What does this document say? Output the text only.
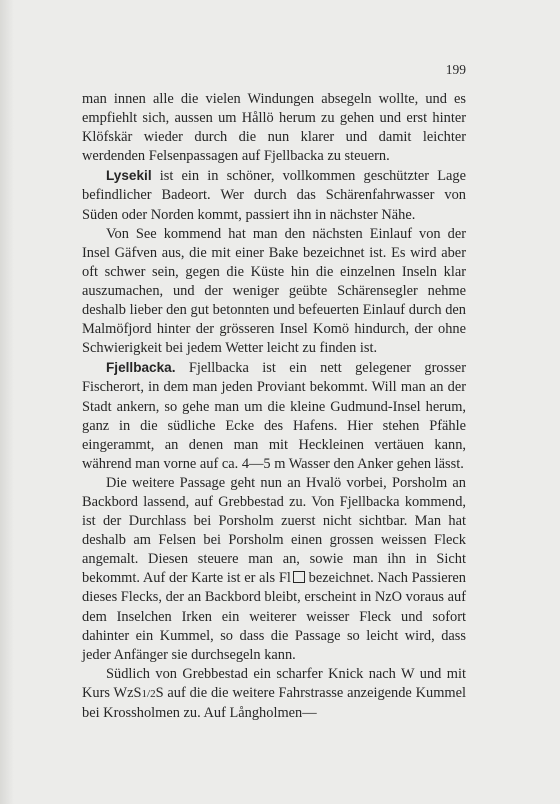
199

man innen alle die vielen Windungen absegeln wollte, und es empfiehlt sich, aussen um Hållö herum zu gehen und erst hinter Klöfskär wieder durch die nun klarer und damit leichter werdenden Felsenpassagen auf Fjellbacka zu steuern.

Lysekil ist ein in schöner, vollkommen geschützter Lage befindlicher Badeort. Wer durch das Schärenfahrwasser von Süden oder Norden kommt, passiert ihn in nächster Nähe.

Von See kommend hat man den nächsten Einlauf von der Insel Gäfven aus, die mit einer Bake bezeichnet ist. Es wird aber oft schwer sein, gegen die Küste hin die einzelnen Inseln klar auszumachen, und der weniger geübte Schärensegler nehme deshalb lieber den gut betonnten und befeuerten Einlauf durch den Malmöfjord hinter der grösseren Insel Komö hindurch, der ohne Schwierigkeit bei jedem Wetter leicht zu finden ist.

Fjellbacka. Fjellbacka ist ein nett gelegener grosser Fischerort, in dem man jeden Proviant bekommt. Will man an der Stadt ankern, so gehe man um die kleine Gudmund-Insel herum, ganz in die südliche Ecke des Hafens. Hier stehen Pfähle eingerammt, an denen man mit Heckleinen vertäuen kann, während man vorne auf ca. 4—5 m Wasser den Anker gehen lässt.

Die weitere Passage geht nun an Hvalö vorbei, Porsholm an Backbord lassend, auf Grebbestad zu. Von Fjellbacka kommend, ist der Durchlass bei Porsholm zuerst nicht sichtbar. Man hat deshalb am Felsen bei Porsholm einen grossen weissen Fleck angemalt. Diesen steuere man an, sowie man ihn in Sicht bekommt. Auf der Karte ist er als Fl bezeichnet. Nach Passieren dieses Flecks, der an Backbord bleibt, erscheint in NzO voraus auf dem Inselchen Irken ein weiterer weisser Fleck und sofort dahinter ein Kummel, so dass die Passage so leicht wird, dass jeder Anfänger sie durchsegeln kann.

Südlich von Grebbestad ein scharfer Knick nach W und mit Kurs WzS1/2S auf die die weitere Fahrstrasse anzeigende Kummel bei Krossholmen zu. Auf Långholmen—
